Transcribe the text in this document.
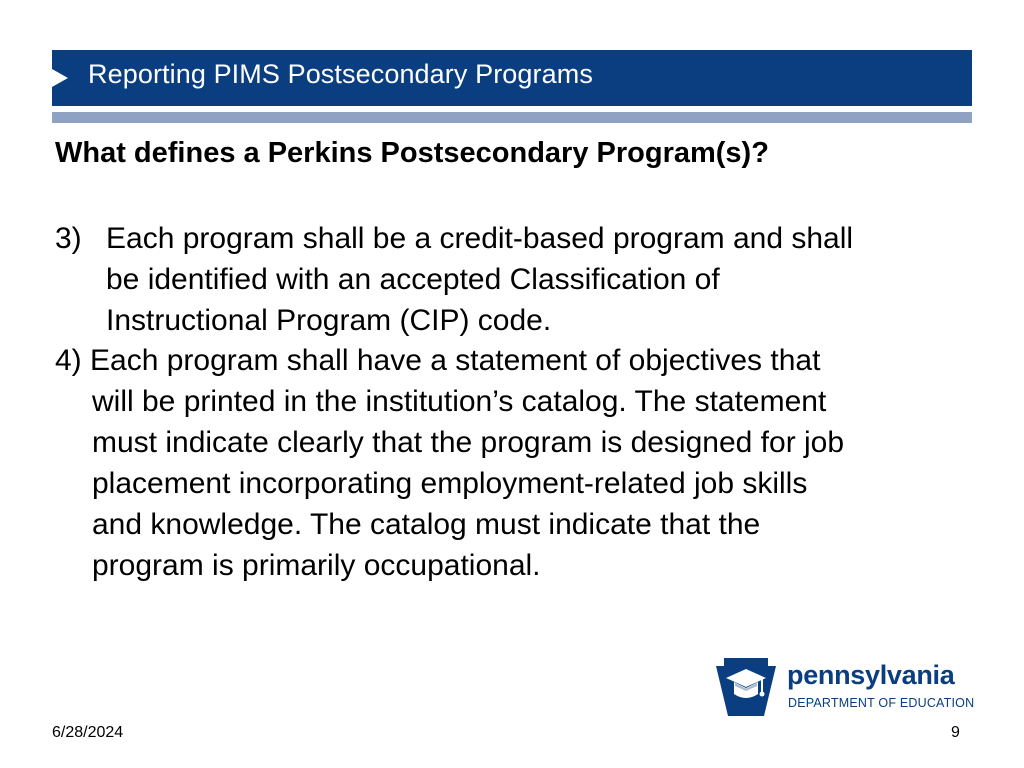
Reporting PIMS Postsecondary Programs
What defines a Perkins Postsecondary Program(s)?
3) Each program shall be a credit-based program and shall
be identified with an accepted Classification of
Instructional Program (CIP) code.
4) Each program shall have a statement of objectives that
will be printed in the institution’s catalog. The statement
must indicate clearly that the program is designed for job
placement incorporating employment-related job skills
and knowledge. The catalog must indicate that the
program is primarily occupational.
pennsylvania
DEPARTMENT OF EDUCATION
6/28/2024	9
